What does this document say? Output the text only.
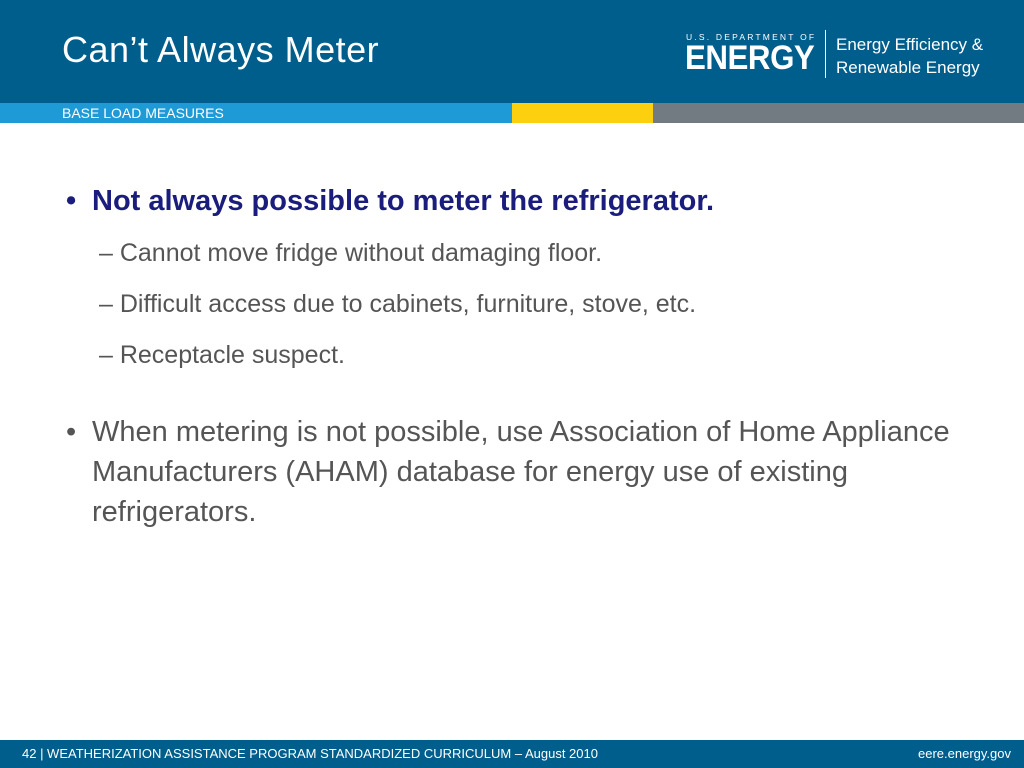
Can’t Always Meter	U.S. DEPARTMENT OF
ENERGY Energy Efficiency &
Renewable Energy
BASE LOAD MEASURES

• Not always possible to meter the refrigerator.

– Cannot move fridge without damaging floor.

– Difficult access due to cabinets, furniture, stove, etc.

– Receptacle suspect.

• When metering is not possible, use Association of Home Appliance Manufacturers (AHAM) database for energy use of existing refrigerators.

42 | WEATHERIZATION ASSISTANCE PROGRAM STANDARDIZED CURRICULUM – August 2010	eere.energy.gov
